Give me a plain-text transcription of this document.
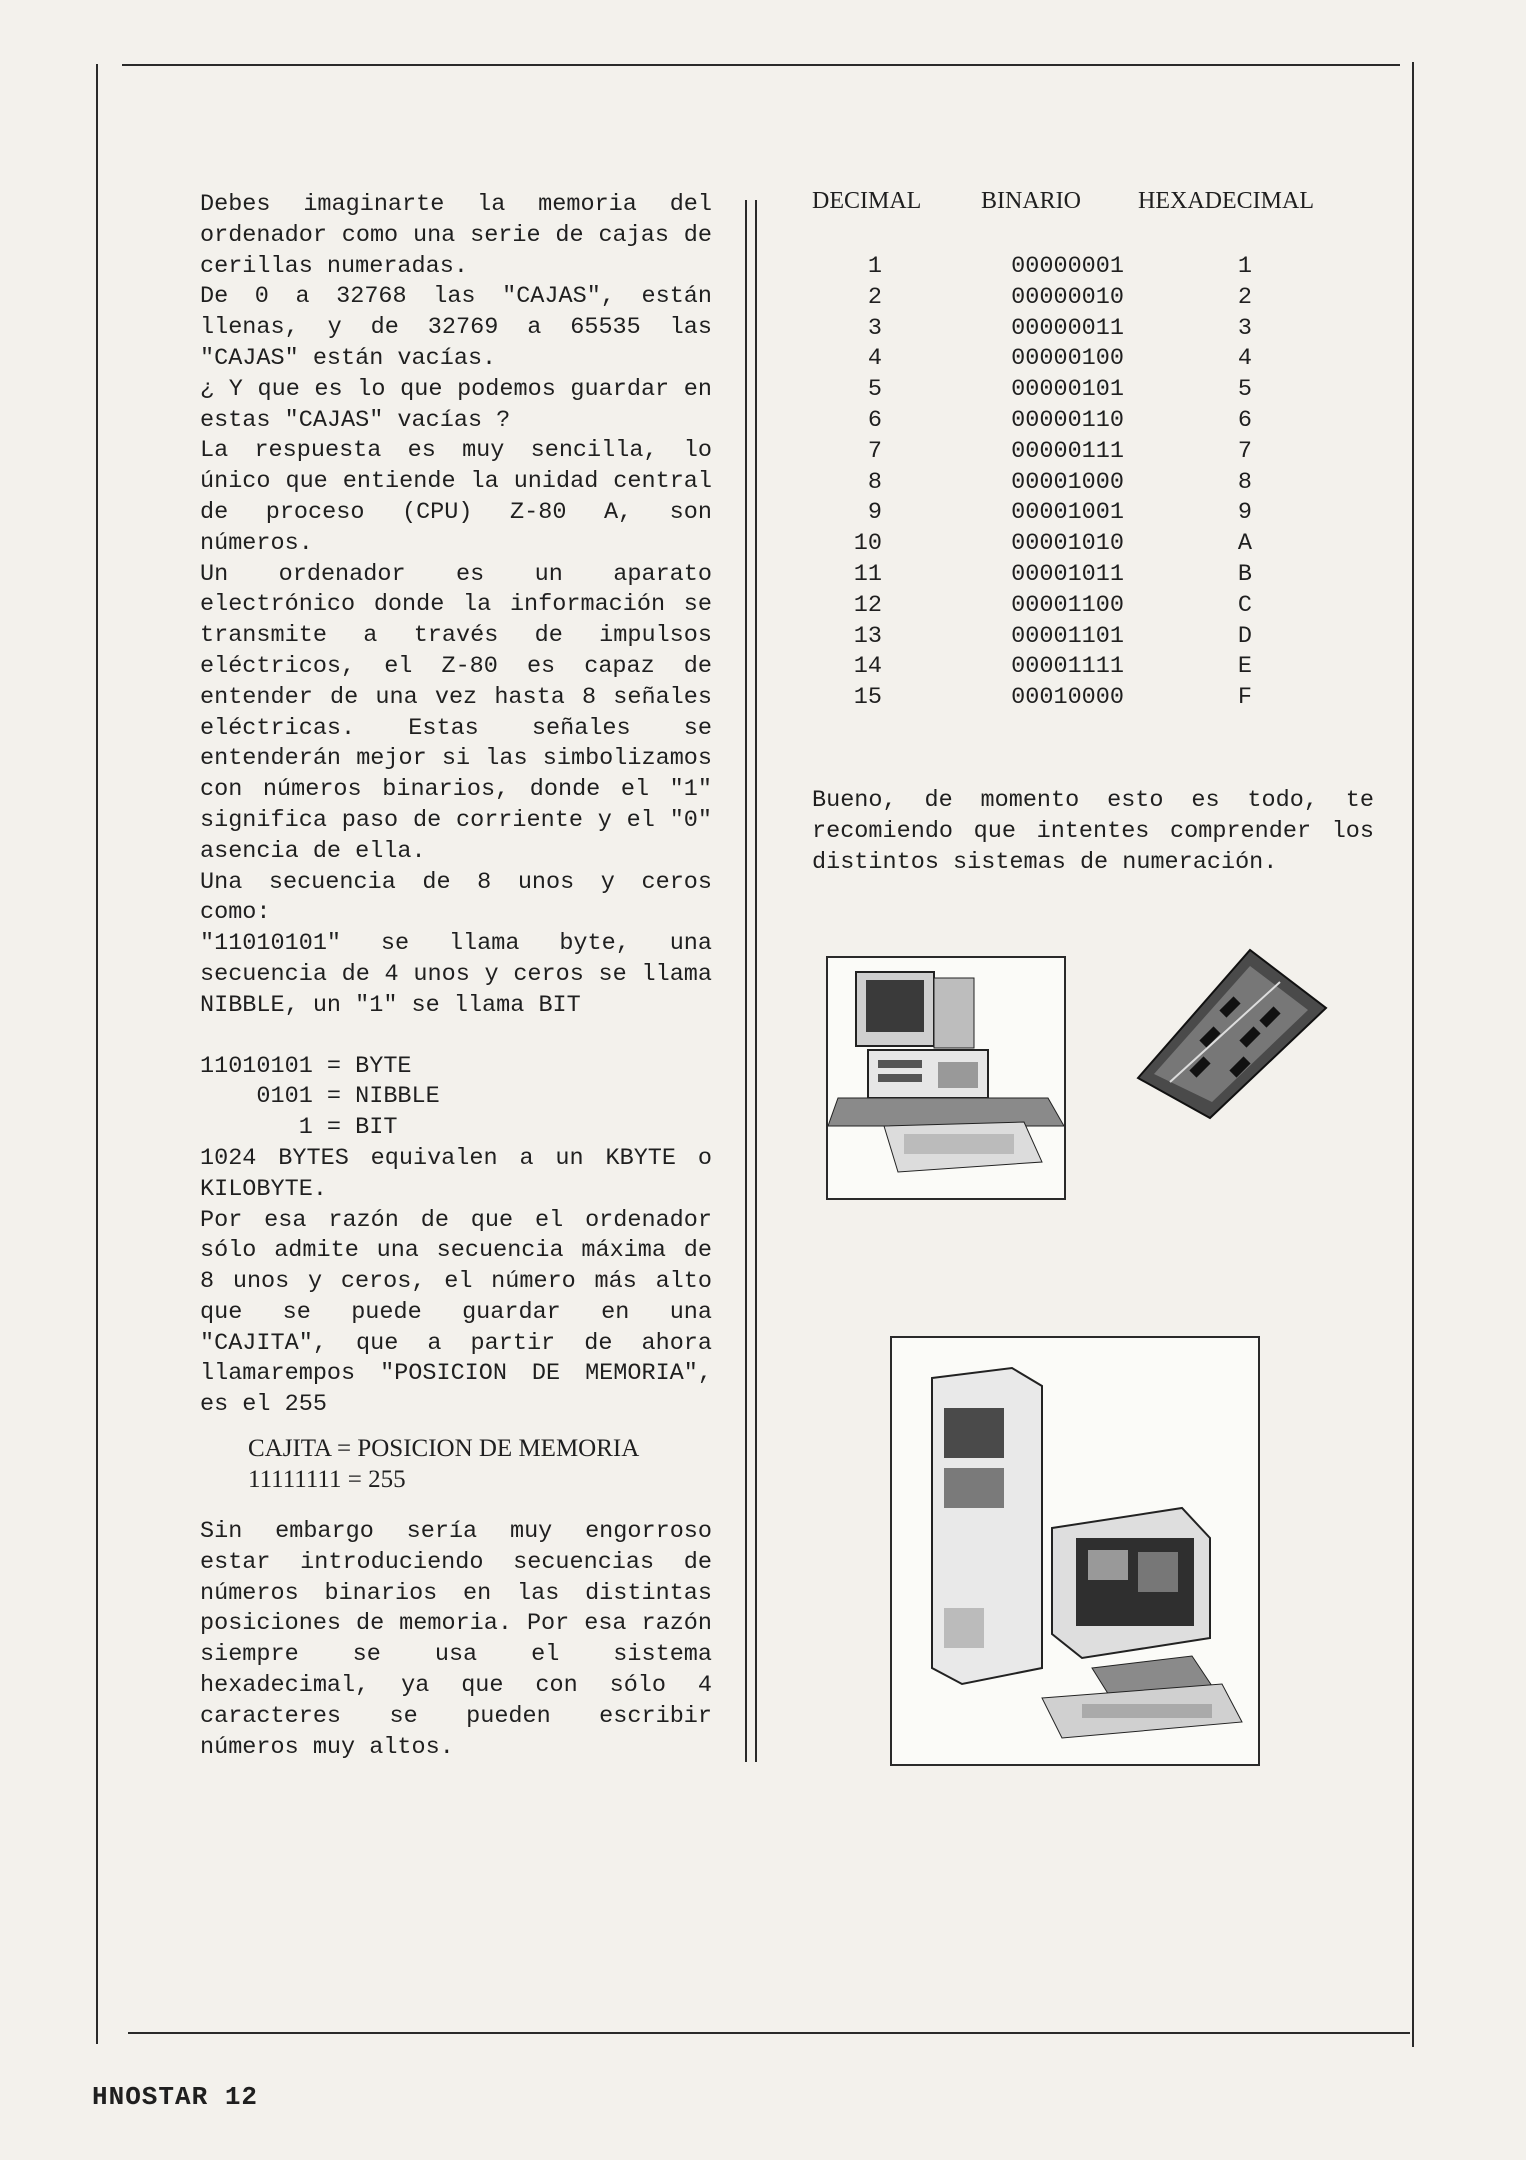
Debes imaginarte la memoria del ordenador como una serie de cajas de cerillas numeradas.

De 0 a 32768 las "CAJAS", están llenas, y de 32769 a 65535 las "CAJAS" están vacías.

¿ Y que es lo que podemos guardar en estas "CAJAS" vacías ?

La respuesta es muy sencilla, lo único que entiende la unidad central de proceso (CPU) Z-80 A, son números.

Un ordenador es un aparato electrónico donde la información se transmite a través de impulsos eléctricos, el Z-80 es capaz de entender de una vez hasta 8 señales eléctricas. Estas señales se entenderán mejor si las simbolizamos con números binarios, donde el "1" significa paso de corriente y el "0" asencia de ella.

Una secuencia de 8 unos y ceros como:

"11010101" se llama byte, una secuencia de 4 unos y ceros se llama NIBBLE, un "1" se llama BIT

11010101 = BYTE
0101 = NIBBLE
1 = BIT

1024 BYTES equivalen a un KBYTE o KILOBYTE.

Por esa razón de que el ordenador sólo admite una secuencia máxima de 8 unos y ceros, el número más alto que se puede guardar en una "CAJITA", que a partir de ahora llamarempos "POSICION DE MEMORIA", es el 255

CAJITA = POSICION DE MEMORIA
11111111 = 255

Sin embargo sería muy engorroso estar introduciendo secuencias de números binarios en las distintas posiciones de memoria. Por esa razón siempre se usa el sistema hexadecimal, ya que con sólo 4 caracteres se pueden escribir números muy altos.

DECIMAL	BINARIO	HEXADECIMAL
1	00000001	1
2	00000010	2
3	00000011	3
4	00000100	4
5	00000101	5
6	00000110	6
7	00000111	7
8	00001000	8
9	00001001	9
10	00001010	A
11	00001011	B
12	00001100	C
13	00001101	D
14	00001111	E
15	00010000	F

Bueno, de momento esto es todo, te recomiendo que intentes comprender los distintos sistemas de numeración.

HNOSTAR 12
